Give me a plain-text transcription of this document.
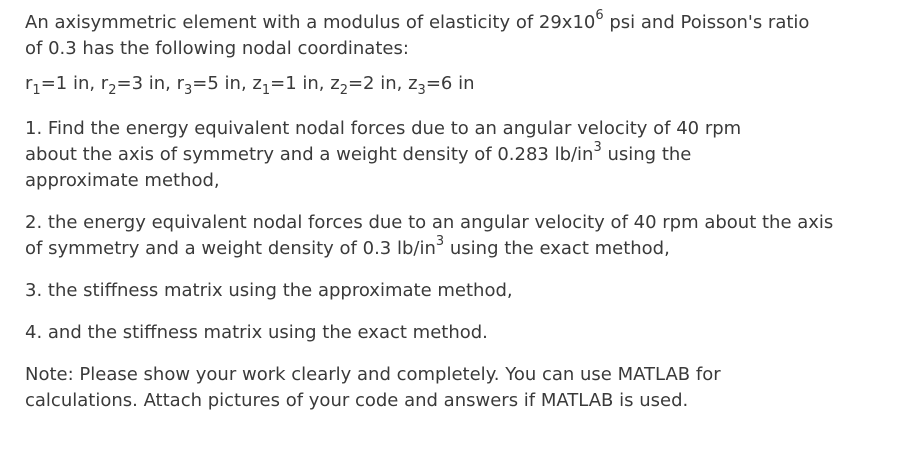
An axisymmetric element with a modulus of elasticity of $29x10^6$ psi and Poisson's ratio of 0.3 has the following nodal coordinates:

$r_1=1$ in, $r_2=3$ in, $r_3=5$ in, $z_1=1$ in, $z_2=2$ in, $z_3=6$ in

1. Find the energy equivalent nodal forces due to an angular velocity of 40 rpm about the axis of symmetry and a weight density of 0.283 $lb/in^3$ using the approximate method,

2. the energy equivalent nodal forces due to an angular velocity of 40 rpm about the axis of symmetry and a weight density of 0.3 $lb/in^3$ using the exact method,

3. the stiffness matrix using the approximate method,

4. and the stiffness matrix using the exact method.

Note: Please show your work clearly and completely. You can use MATLAB for calculations. Attach pictures of your code and answers if MATLAB is used.
